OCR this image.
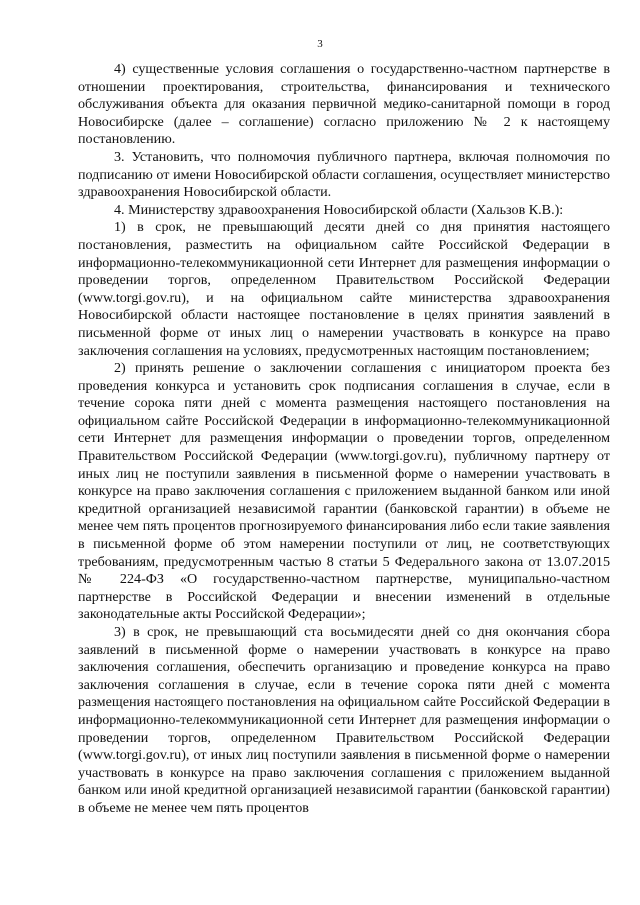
3

4) существенные условия соглашения о государственно-частном партнерстве в отношении проектирования, строительства, финансирования и технического обслуживания объекта для оказания первичной медико-санитарной помощи в город Новосибирске (далее – соглашение) согласно приложению № 2 к настоящему постановлению.

3. Установить, что полномочия публичного партнера, включая полномочия по подписанию от имени Новосибирской области соглашения, осуществляет министерство здравоохранения Новосибирской области.

4. Министерству здравоохранения Новосибирской области (Хальзов К.В.):

1) в срок, не превышающий десяти дней со дня принятия настоящего постановления, разместить на официальном сайте Российской Федерации в информационно-телекоммуникационной сети Интернет для размещения информации о проведении торгов, определенном Правительством Российской Федерации (www.torgi.gov.ru), и на официальном сайте министерства здравоохранения Новосибирской области настоящее постановление в целях принятия заявлений в письменной форме от иных лиц о намерении участвовать в конкурсе на право заключения соглашения на условиях, предусмотренных настоящим постановлением;

2) принять решение о заключении соглашения с инициатором проекта без проведения конкурса и установить срок подписания соглашения в случае, если в течение сорока пяти дней с момента размещения настоящего постановления на официальном сайте Российской Федерации в информационно-телекоммуникационной сети Интернет для размещения информации о проведении торгов, определенном Правительством Российской Федерации (www.torgi.gov.ru), публичному партнеру от иных лиц не поступили заявления в письменной форме о намерении участвовать в конкурсе на право заключения соглашения с приложением выданной банком или иной кредитной организацией независимой гарантии (банковской гарантии) в объеме не менее чем пять процентов прогнозируемого финансирования либо если такие заявления в письменной форме об этом намерении поступили от лиц, не соответствующих требованиям, предусмотренным частью 8 статьи 5 Федерального закона от 13.07.2015 № 224-ФЗ «О государственно-частном партнерстве, муниципально-частном партнерстве в Российской Федерации и внесении изменений в отдельные законодательные акты Российской Федерации»;

3) в срок, не превышающий ста восьмидесяти дней со дня окончания сбора заявлений в письменной форме о намерении участвовать в конкурсе на право заключения соглашения, обеспечить организацию и проведение конкурса на право заключения соглашения в случае, если в течение сорока пяти дней с момента размещения настоящего постановления на официальном сайте Российской Федерации в информационно-телекоммуникационной сети Интернет для размещения информации о проведении торгов, определенном Правительством Российской Федерации (www.torgi.gov.ru), от иных лиц поступили заявления в письменной форме о намерении участвовать в конкурсе на право заключения соглашения с приложением выданной банком или иной кредитной организацией независимой гарантии (банковской гарантии) в объеме не менее чем пять процентов
